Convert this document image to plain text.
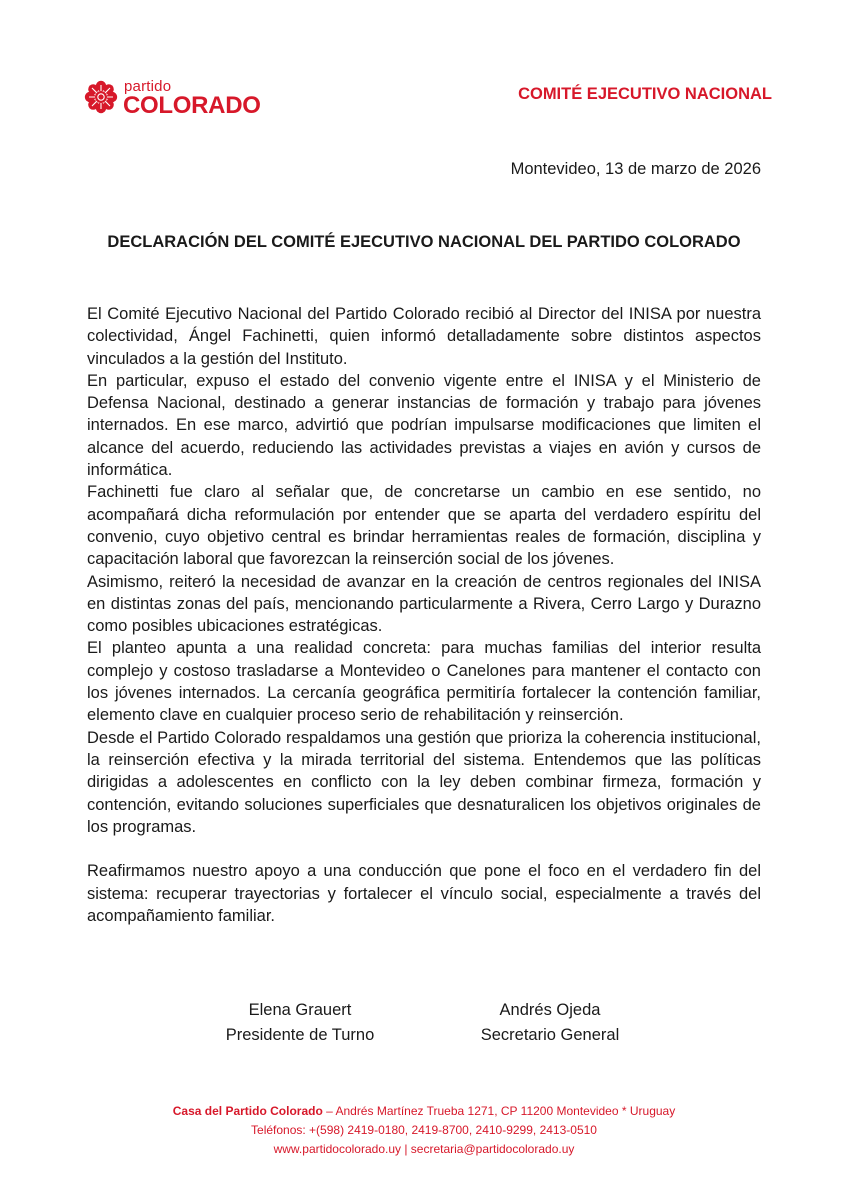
partido
COLORADO	COMITÉ EJECUTIVO NACIONAL
Montevideo, 13 de marzo de 2026
DECLARACIÓN DEL COMITÉ EJECUTIVO NACIONAL DEL PARTIDO COLORADO

El Comité Ejecutivo Nacional del Partido Colorado recibió al Director del INISA por nuestra colectividad, Ángel Fachinetti, quien informó detalladamente sobre distintos aspectos vinculados a la gestión del Instituto.

En particular, expuso el estado del convenio vigente entre el INISA y el Ministerio de Defensa Nacional, destinado a generar instancias de formación y trabajo para jóvenes internados. En ese marco, advirtió que podrían impulsarse modificaciones que limiten el alcance del acuerdo, reduciendo las actividades previstas a viajes en avión y cursos de informática.

Fachinetti fue claro al señalar que, de concretarse un cambio en ese sentido, no acompañará dicha reformulación por entender que se aparta del verdadero espíritu del convenio, cuyo objetivo central es brindar herramientas reales de formación, disciplina y capacitación laboral que favorezcan la reinserción social de los jóvenes.

Asimismo, reiteró la necesidad de avanzar en la creación de centros regionales del INISA en distintas zonas del país, mencionando particularmente a Rivera, Cerro Largo y Durazno como posibles ubicaciones estratégicas.

El planteo apunta a una realidad concreta: para muchas familias del interior resulta complejo y costoso trasladarse a Montevideo o Canelones para mantener el contacto con los jóvenes internados. La cercanía geográfica permitiría fortalecer la contención familiar, elemento clave en cualquier proceso serio de rehabilitación y reinserción.

Desde el Partido Colorado respaldamos una gestión que prioriza la coherencia institucional, la reinserción efectiva y la mirada territorial del sistema. Entendemos que las políticas dirigidas a adolescentes en conflicto con la ley deben combinar firmeza, formación y contención, evitando soluciones superficiales que desnaturalicen los objetivos originales de los programas.

Reafirmamos nuestro apoyo a una conducción que pone el foco en el verdadero fin del sistema: recuperar trayectorias y fortalecer el vínculo social, especialmente a través del acompañamiento familiar.

Elena Grauert
Presidente de Turno
Andrés Ojeda
Secretario General
Casa del Partido Colorado – Andrés Martínez Trueba 1271, CP 11200 Montevideo * Uruguay
Teléfonos: +(598) 2419-0180, 2419-8700, 2410-9299, 2413-0510
www.partidocolorado.uy | secretaria@partidocolorado.uy
